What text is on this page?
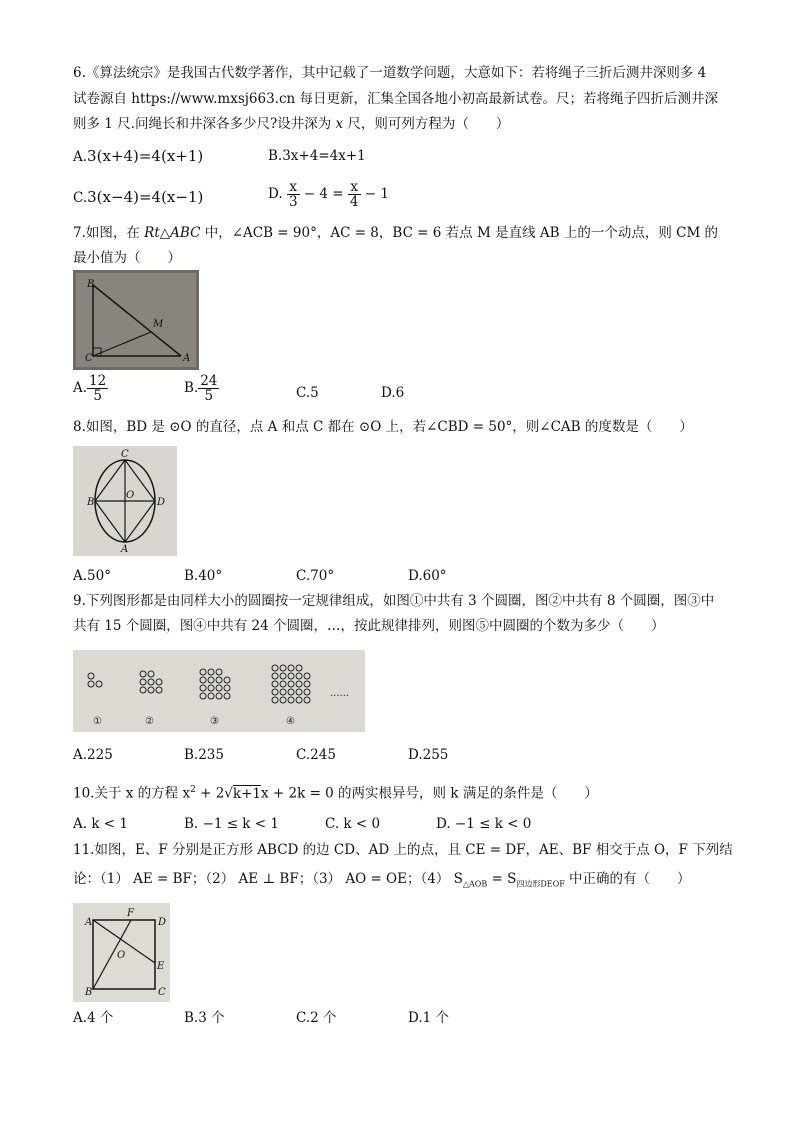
6.《算法统宗》是我国古代数学著作，其中记载了一道数学问题，大意如下：若将绳子三折后测井深则多 4
试卷源自 https://www.mxsj663.cn 每日更新，汇集全国各地小初高最新试卷。尺；若将绳子四折后测井深
则多 1 尺.问绳长和井深各多少尺?设井深为 x 尺，则可列方程为（　　）
A.3(x+4)=4(x+1)	B.3x+4=4x+1
C.3(x−4)=4(x−1)	D. $\frac{x}{3} - 4 = \frac{x}{4} - 1$
7.如图，在 Rt△ABC 中，∠ACB = 90°，AC = 8，BC = 6 若点 M 是直线 AB 上的一个动点，则 CM 的
最小值为（　　）
B
M
C	A
A. $\frac{12}{5}$	B. $\frac{24}{5}$	C.5	D.6
8.如图，BD 是 ⊙O 的直径，点 A 和点 C 都在 ⊙O 上，若∠CBD = 50°，则∠CAB 的度数是（　　）
C
B
O
D
A
A.50°	B.40°	C.70°	D.60°
9.下列图形都是由同样大小的圆圈按一定规律组成，如图①中共有 3 个圆圈，图②中共有 8 个圆圈，图③中
共有 15 个圆圈，图④中共有 24 个圆圈，…，按此规律排列，则图⑤中圆圈的个数为多少（　　）
①	②	③	④
......
A.225	B.235	C.245	D.255
10.关于 x 的方程 $x^2 + 2√k+1x + 2k = 0$ 的两实根异号，则 k 满足的条件是（　　）
A. k < 1	B. −1 ≤ k < 1	C. k < 0	D. −1 ≤ k < 0
11.如图，E、F 分别是正方形 ABCD 的边 CD、AD 上的点，且 CE = DF，AE、BF 相交于点 O，F 下列结
论：（1） AE = BF；（2） AE ⊥ BF；（3） AO = OE；（4） $S_{\triangle AOB} = S_{四边形DEOF}$ 中正确的有（　　）
A
F
D
O
E
B	C
A.4 个	B.3 个	C.2 个	D.1 个
